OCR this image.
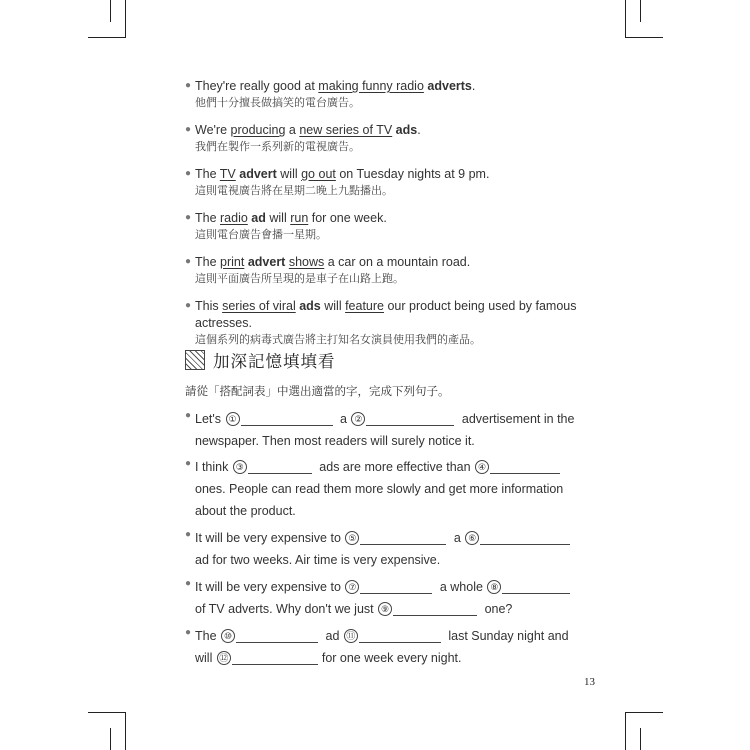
● They're really good at making funny radio adverts.
他們十分擅長做搞笑的電台廣告。
● We're producing a new series of TV ads.
我們在製作一系列新的電視廣告。
● The TV advert will go out on Tuesday nights at 9 pm.
這則電視廣告將在星期二晚上九點播出。
● The radio ad will run for one week.
這則電台廣告會播一星期。
● The print advert shows a car on a mountain road.
這則平面廣告所呈現的是車子在山路上跑。
● This series of viral ads will feature our product being used by famous actresses.
這個系列的病毒式廣告將主打知名女演員使用我們的產品。
加深記憶填填看
請從「搭配詞表」中選出適當的字，完成下列句子。
● Let's ①	a ②	advertisement in the
newspaper. Then most readers will surely notice it.
● I think ③	ads are more effective than ④
ones. People can read them more slowly and get more information
about the product.
● It will be very expensive to ⑤	a ⑥
ad for two weeks. Air time is very expensive.
● It will be very expensive to ⑦	a whole ⑧
of TV adverts. Why don't we just ⑨	one?
● The ⑩	ad ⑪	last Sunday night and
will ⑫	for one week every night.
13
